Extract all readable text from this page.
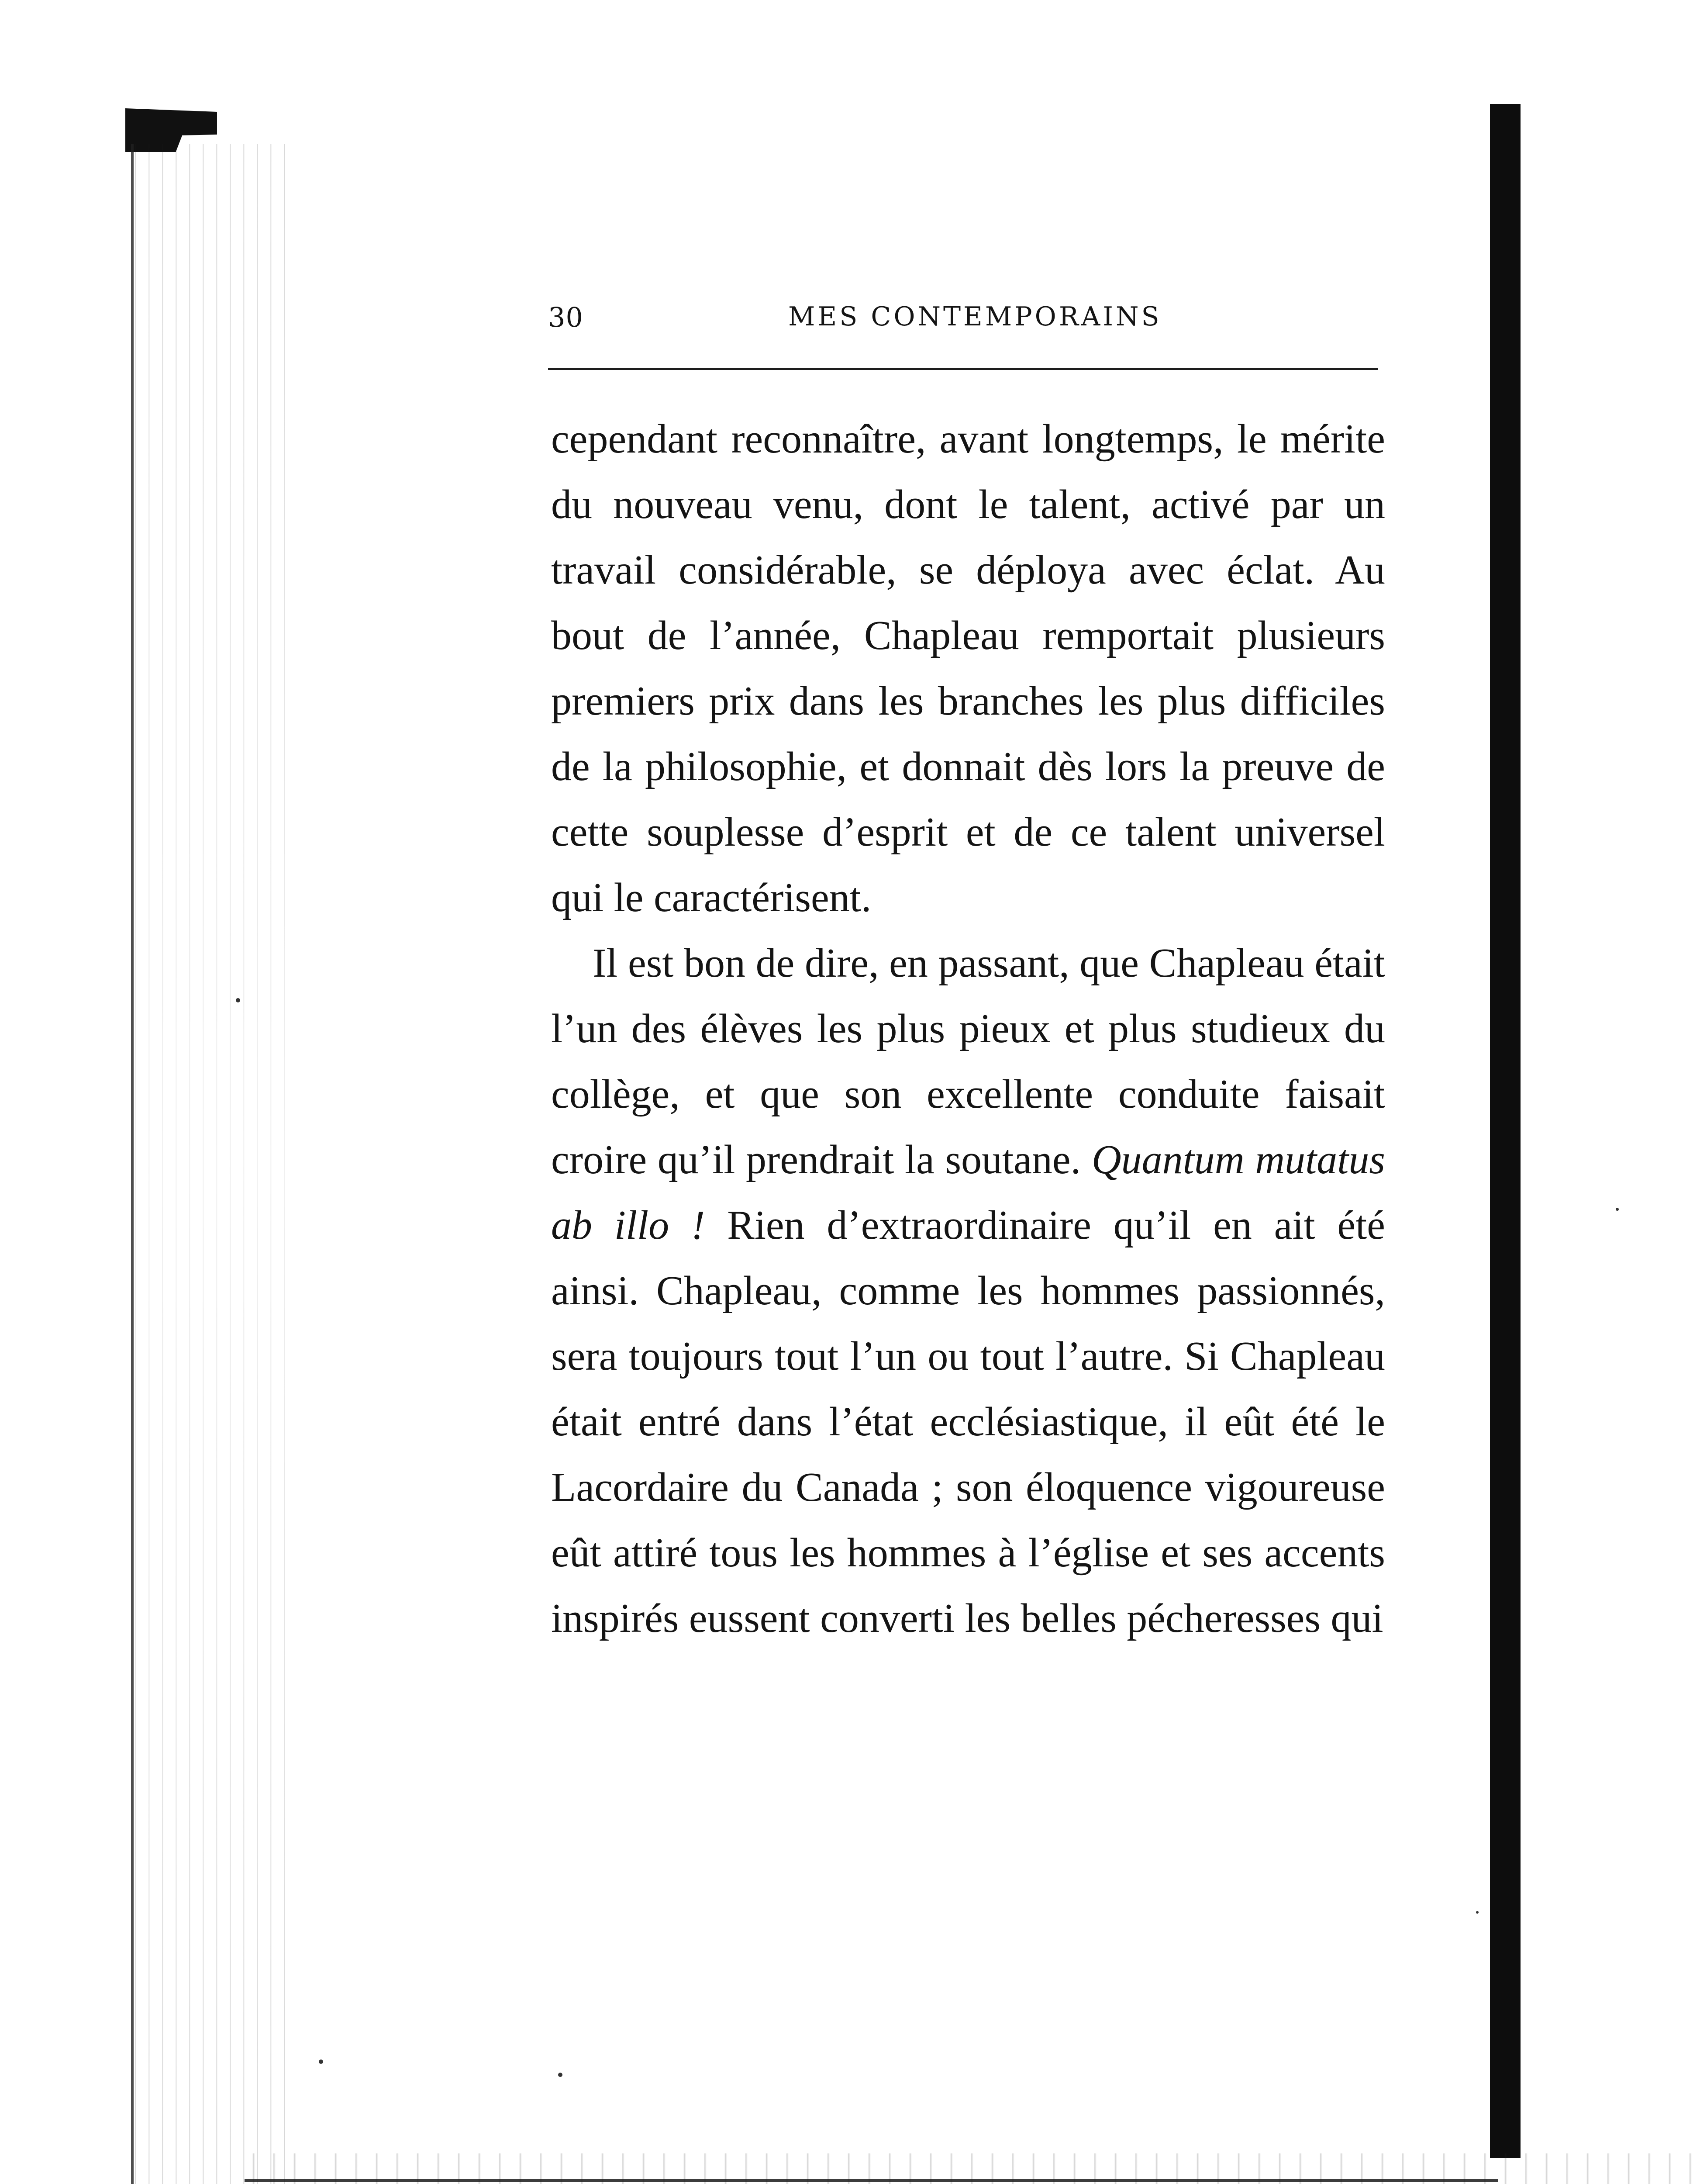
30	MES CONTEMPORAINS

cependant reconnaître, avant longtemps, le mérite du nouveau venu, dont le talent, activé par un travail considérable, se déploya avec éclat. Au bout de l’année, Chapleau remportait plusieurs premiers prix dans les branches les plus difficiles de la philosophie, et donnait dès lors la preuve de cette souplesse d’esprit et de ce talent universel qui le caractérisent.

Il est bon de dire, en passant, que Chapleau était l’un des élèves les plus pieux et plus studieux du collège, et que son excellente conduite faisait croire qu’il prendrait la soutane. Quantum mutatus ab illo ! Rien d’extraordinaire qu’il en ait été ainsi. Chapleau, comme les hommes passionnés, sera toujours tout l’un ou tout l’autre. Si Chapleau était entré dans l’état ecclésiastique, il eût été le Lacordaire du Canada ; son éloquence vigoureuse eût attiré tous les hommes à l’église et ses accents inspirés eussent converti les belles pécheresses qui
